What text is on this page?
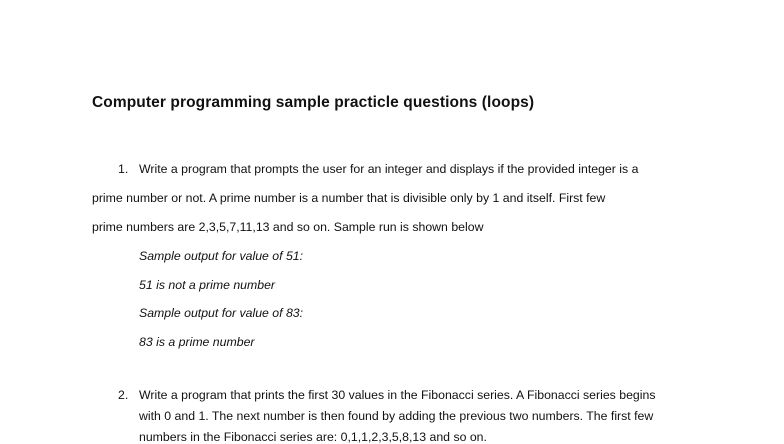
Computer programming sample practicle questions (loops)
1. Write a program that prompts the user for an integer and displays if the provided integer is a
prime number or not. A prime number is a number that is divisible only by 1 and itself. First few
prime numbers are 2,3,5,7,11,13 and so on. Sample run is shown below
Sample output for value of 51:
51 is not a prime number
Sample output for value of 83:
83 is a prime number
2. Write a program that prints the first 30 values in the Fibonacci series. A Fibonacci series begins
with 0 and 1. The next number is then found by adding the previous two numbers. The first few
numbers in the Fibonacci series are: 0,1,1,2,3,5,8,13 and so on.
